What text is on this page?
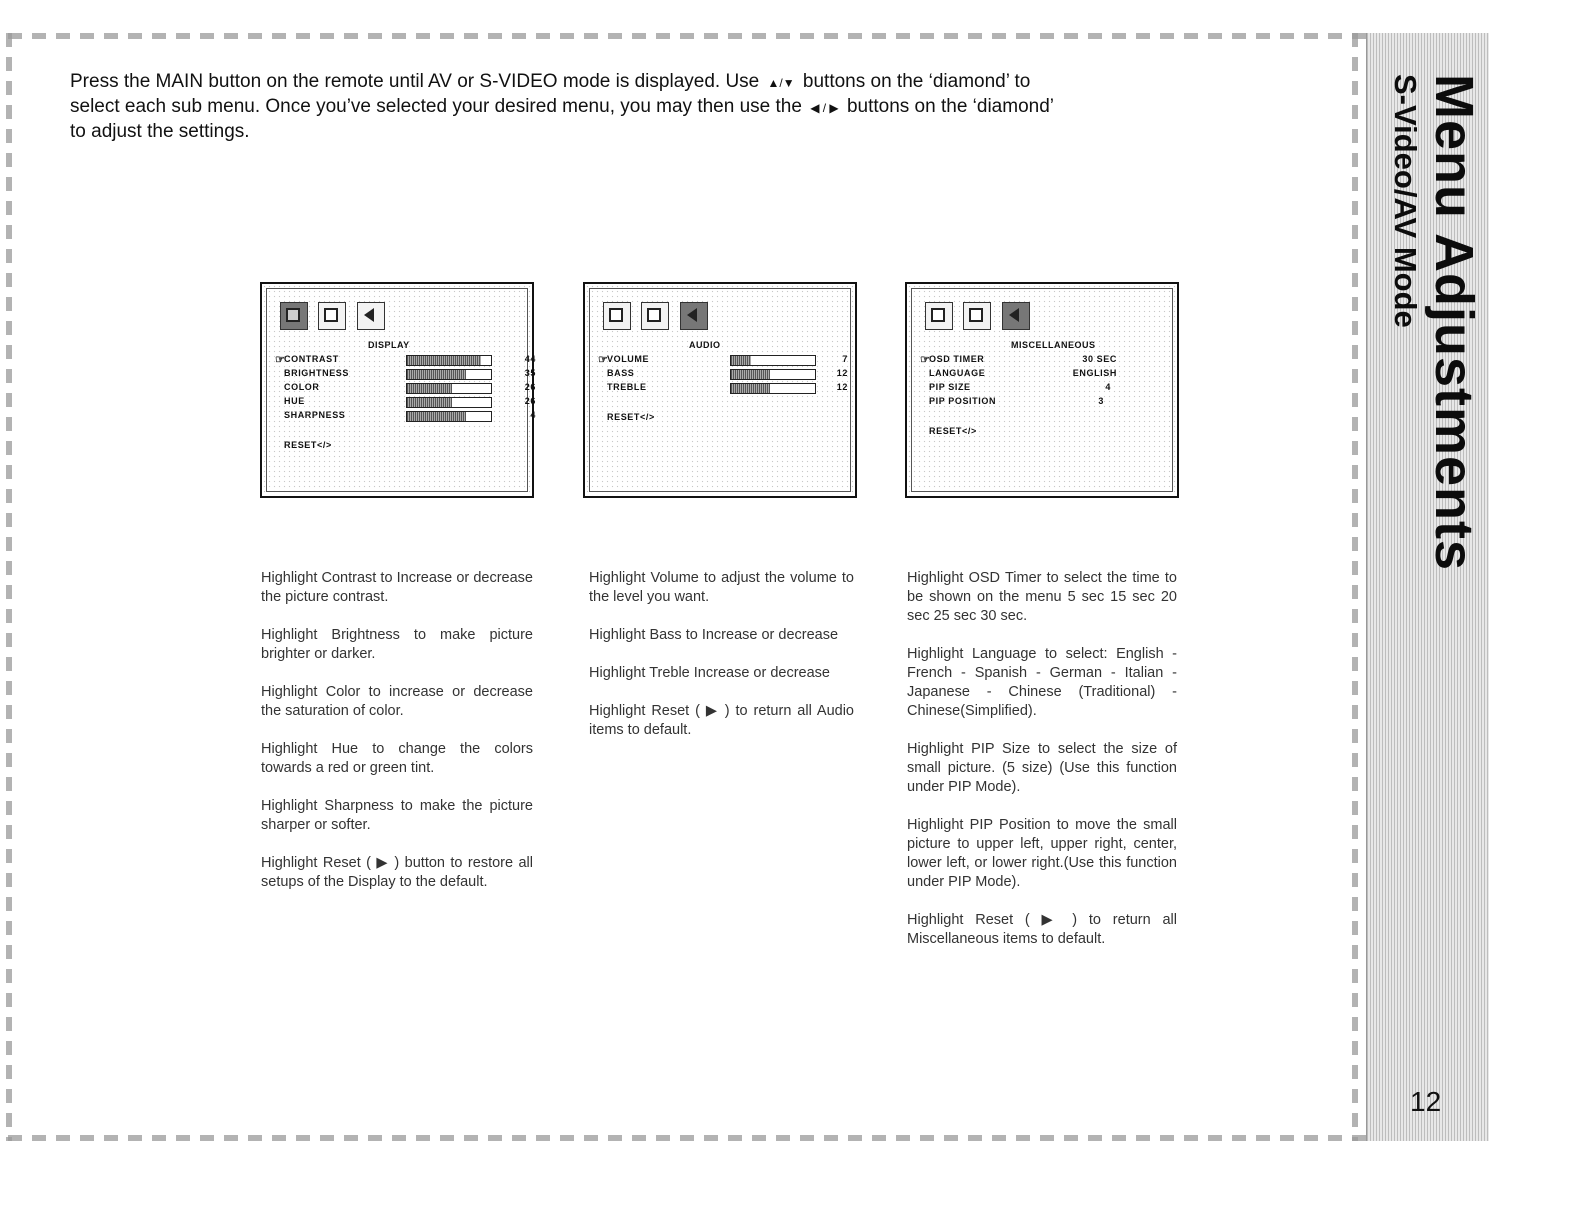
Menu Adjustments
S-Video/AV Mode
12
Press the MAIN button on the remote until AV or S-VIDEO mode is displayed. Use ▲/▼ buttons on the ‘diamond’ to
select each sub menu. Once you’ve selected your desired menu, you may then use the ◀ / ▶ buttons on the ‘diamond’
to adjust the settings.

DISPLAY
☞
CONTRAST	44
BRIGHTNESS	35
COLOR	26
HUE	26
SHARPNESS	4
RESET</>

AUDIO
☞
VOLUME	7
BASS	12
TREBLE	12
RESET</>

MISCELLANEOUS
☞
OSD TIMER	30 SEC
LANGUAGE	ENGLISH
PIP SIZE	4
PIP POSITION	3
RESET</>

Highlight Contrast to Increase or decrease the picture contrast.

Highlight Brightness to make picture brighter or darker.

Highlight Color to increase or decrease the saturation of color.

Highlight Hue to change the colors towards a red or green tint.

Highlight Sharpness to make the picture sharper or softer.

Highlight Reset ( ▶ ) button to restore all setups of the Display to the default.

Highlight Volume to adjust the volume to the level you want.

Highlight Bass to Increase or decrease

Highlight Treble Increase or decrease

Highlight Reset ( ▶ ) to return all Audio items to default.

Highlight OSD Timer to select the time to be shown on the menu 5 sec 15 sec 20 sec 25 sec 30 sec.

Highlight Language to select: English - French - Spanish - German - Italian - Japanese - Chinese (Traditional) - Chinese(Simplified).

Highlight PIP Size to select the size of small picture. (5 size) (Use this function under PIP Mode).

Highlight PIP Position to move the small picture to upper left, upper right, center, lower left, or lower right.(Use this function under PIP Mode).

Highlight Reset ( ▶ ) to return all Miscellaneous items to default.
